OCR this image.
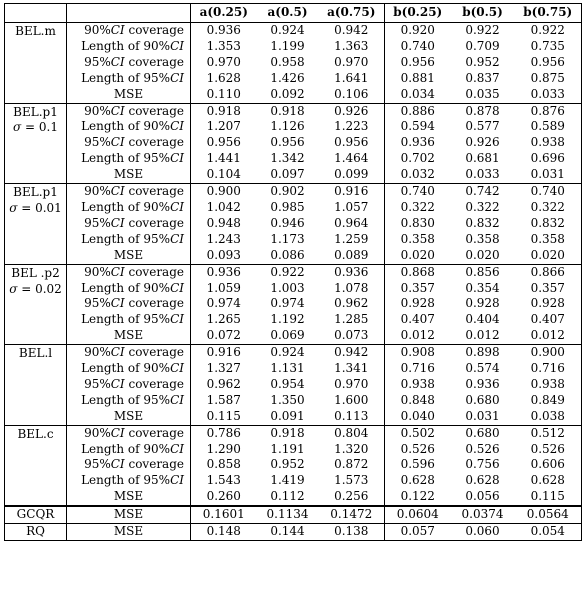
		a(0.25)	a(0.5)	a(0.75)	b(0.25)	b(0.5)	b(0.75)

BEL.m	90%CI coverage	0.936	0.924	0.942	0.920	0.922	0.922
	Length of 90%CI	1.353	1.199	1.363	0.740	0.709	0.735
	95%CI coverage	0.970	0.958	0.970	0.956	0.952	0.956
	Length of 95%CI	1.628	1.426	1.641	0.881	0.837	0.875
	MSE	0.110	0.092	0.106	0.034	0.035	0.033

BEL.p1
σ = 0.1	90%CI coverage	0.918	0.918	0.926	0.886	0.878	0.876
	Length of 90%CI	1.207	1.126	1.223	0.594	0.577	0.589
	95%CI coverage	0.956	0.956	0.956	0.936	0.926	0.938
	Length of 95%CI	1.441	1.342	1.464	0.702	0.681	0.696
	MSE	0.104	0.097	0.099	0.032	0.033	0.031

BEL.p1
σ = 0.01	90%CI coverage	0.900	0.902	0.916	0.740	0.742	0.740
	Length of 90%CI	1.042	0.985	1.057	0.322	0.322	0.322
	95%CI coverage	0.948	0.946	0.964	0.830	0.832	0.832
	Length of 95%CI	1.243	1.173	1.259	0.358	0.358	0.358
	MSE	0.093	0.086	0.089	0.020	0.020	0.020

BEL .p2
σ = 0.02	90%CI coverage	0.936	0.922	0.936	0.868	0.856	0.866
	Length of 90%CI	1.059	1.003	1.078	0.357	0.354	0.357
	95%CI coverage	0.974	0.974	0.962	0.928	0.928	0.928
	Length of 95%CI	1.265	1.192	1.285	0.407	0.404	0.407
	MSE	0.072	0.069	0.073	0.012	0.012	0.012

BEL.l	90%CI coverage	0.916	0.924	0.942	0.908	0.898	0.900
	Length of 90%CI	1.327	1.131	1.341	0.716	0.574	0.716
	95%CI coverage	0.962	0.954	0.970	0.938	0.936	0.938
	Length of 95%CI	1.587	1.350	1.600	0.848	0.680	0.849
	MSE	0.115	0.091	0.113	0.040	0.031	0.038

BEL.c	90%CI coverage	0.786	0.918	0.804	0.502	0.680	0.512
	Length of 90%CI	1.290	1.191	1.320	0.526	0.526	0.526
	95%CI coverage	0.858	0.952	0.872	0.596	0.756	0.606
	Length of 95%CI	1.543	1.419	1.573	0.628	0.628	0.628
	MSE	0.260	0.112	0.256	0.122	0.056	0.115
GCQR	MSE	0.1601	0.1134	0.1472	0.0604	0.0374	0.0564
RQ	MSE	0.148	0.144	0.138	0.057	0.060	0.054
